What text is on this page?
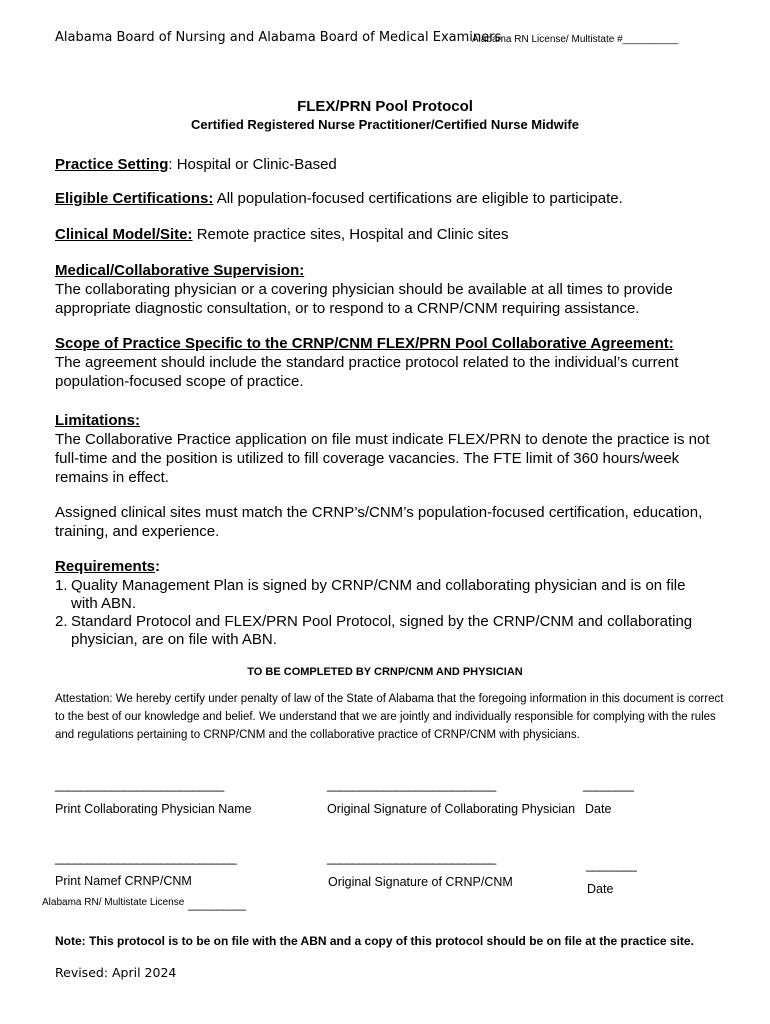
Alabama Board of Nursing and Alabama Board of Medical Examiners
Alabama RN License/ Multistate #__________
FLEX/PRN Pool Protocol
Certified Registered Nurse Practitioner/Certified Nurse Midwife
Practice Setting: Hospital or Clinic-Based
Eligible Certifications: All population-focused certifications are eligible to participate.
Clinical Model/Site: Remote practice sites, Hospital and Clinic sites
Medical/Collaborative Supervision:
The collaborating physician or a covering physician should be available at all times to provide appropriate diagnostic consultation, or to respond to a CRNP/CNM requiring assistance.
Scope of Practice Specific to the CRNP/CNM FLEX/PRN Pool Collaborative Agreement:
The agreement should include the standard practice protocol related to the individual’s current population-focused scope of practice.
Limitations:
The Collaborative Practice application on file must indicate FLEX/PRN to denote the practice is not full-time and the position is utilized to fill coverage vacancies. The FTE limit of 360 hours/week remains in effect.
Assigned clinical sites must match the CRNP’s/CNM’s population-focused certification, education, training, and experience.
Requirements:
1. Quality Management Plan is signed by CRNP/CNM and collaborating physician and is on file
with ABN.
2. Standard Protocol and FLEX/PRN Pool Protocol, signed by the CRNP/CNM and collaborating
physician, are on file with ABN.
TO BE COMPLETED BY CRNP/CNM AND PHYSICIAN
Attestation: We hereby certify under penalty of law of the State of Alabama that the foregoing information in this document is correct to the best of our knowledge and belief. We understand that we are jointly and individually responsible for complying with the rules and regulations pertaining to CRNP/CNM and the collaborative practice of CRNP/CNM with physicians.
___________________________	___________________________	________
Print Collaborating Physician Name	Original Signature of Collaborating Physician Date
_____________________________	___________________________	________
Print Namef CRNP/CNM	Original Signature of CRNP/CNM	Date
Alabama RN/ Multistate License __________
Note: This protocol is to be on file with the ABN and a copy of this protocol should be on file at the practice site.
Revised: April 2024
